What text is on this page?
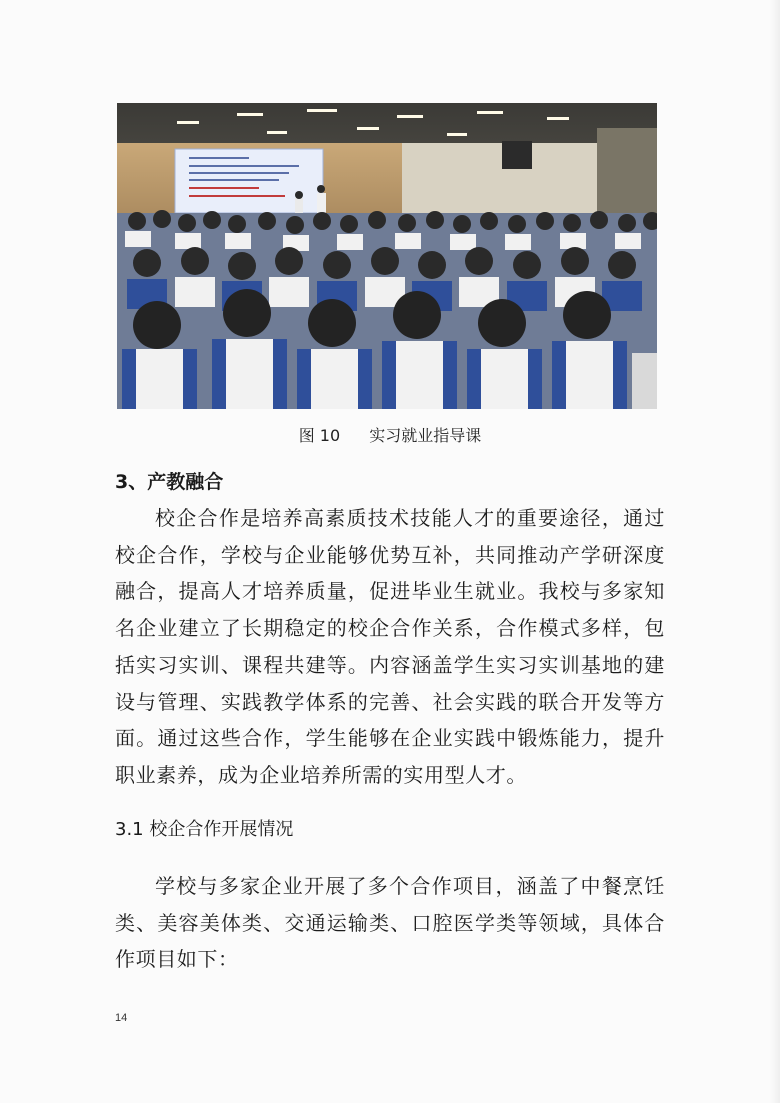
图 10 实习就业指导课
3、产教融合

校企合作是培养高素质技术技能人才的重要途径，通过校企合作，学校与企业能够优势互补，共同推动产学研深度融合，提高人才培养质量，促进毕业生就业。我校与多家知名企业建立了长期稳定的校企合作关系，合作模式多样，包括实习实训、课程共建等。内容涵盖学生实习实训基地的建设与管理、实践教学体系的完善、社会实践的联合开发等方面。通过这些合作，学生能够在企业实践中锻炼能力，提升职业素养，成为企业培养所需的实用型人才。

3.1 校企合作开展情况

学校与多家企业开展了多个合作项目，涵盖了中餐烹饪类、美容美体类、交通运输类、口腔医学类等领域，具体合作项目如下：

14
